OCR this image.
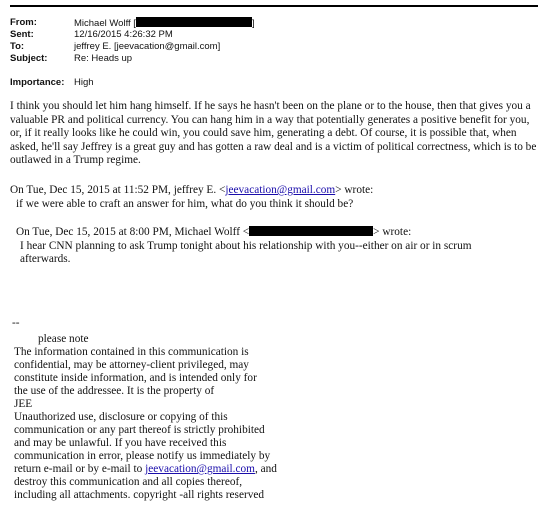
From:	Michael Wolff [	]
Sent:	12/16/2015 4:26:32 PM
To:	jeffrey E. [jeevacation@gmail.com]
Subject:	Re: Heads up
Importance: High
I think you should let him hang himself. If he says he hasn't been on the plane or to the house, then that gives you a valuable PR and political currency. You can hang him in a way that potentially generates a positive benefit for you, or, if it really looks like he could win, you could save him, generating a debt. Of course, it is possible that, when asked, he'll say Jeffrey is a great guy and has gotten a raw deal and is a victim of political correctness, which is to be outlawed in a Trump regime.
On Tue, Dec 15, 2015 at 11:52 PM, jeffrey E. <jeevacation@gmail.com> wrote:
if we were able to craft an answer for him, what do you think it should be?
On Tue, Dec 15, 2015 at 8:00 PM, Michael Wolff <	> wrote:
I hear CNN planning to ask Trump tonight about his relationship with you--either on air or in scrum
afterwards.
--
please note
The information contained in this communication is
confidential, may be attorney-client privileged, may
constitute inside information, and is intended only for
the use of the addressee. It is the property of
JEE
Unauthorized use, disclosure or copying of this
communication or any part thereof is strictly prohibited
and may be unlawful. If you have received this
communication in error, please notify us immediately by
return e-mail or by e-mail to jeevacation@gmail.com, and
destroy this communication and all copies thereof,
including all attachments. copyright -all rights reserved
